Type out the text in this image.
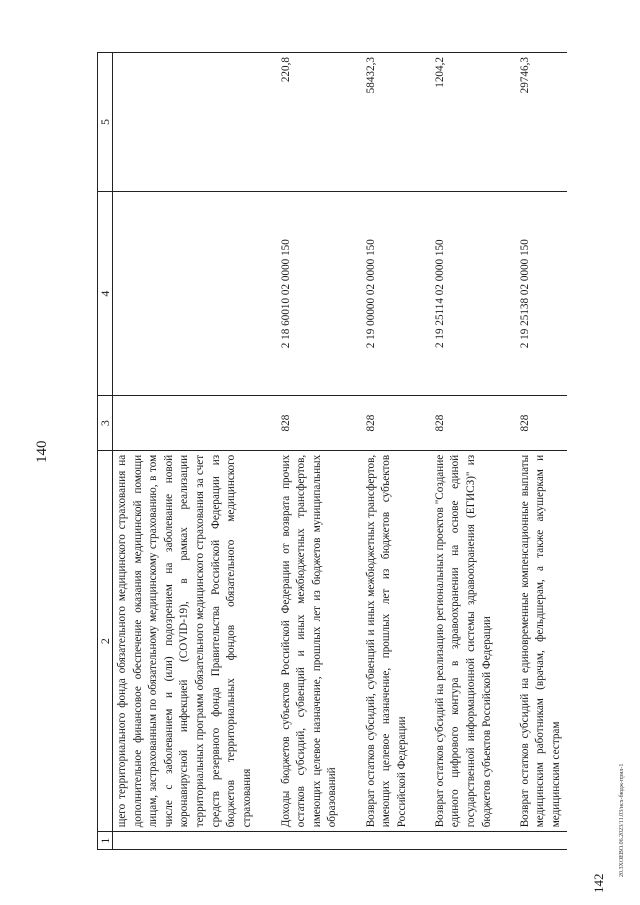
140
142
20.3XOEBO.06.2023/11.03/исх-бюдж-прил-1
1	2	3	4	5
	щего территориального фонда обязательного медицинского страхования на дополнительное финансовое обеспечение оказания медицинской помощи лицам, застрахованным по обязательному медицинскому страхованию, в том числе с заболеванием и (или) подозрением на заболевание новой коронавирусной инфекцией (COVID-19), в рамках реализации территориальных программ обязательного медицинского страхования за счет средств резервного фонда Правительства Российской Федерации из бюджетов территориальных фондов обязательного медицинского страхования			

	Доходы бюджетов субъектов Российской Федерации от возврата прочих остатков субсидий, субвенций и иных межбюджетных трансфертов, имеющих целевое назначение, прошлых лет из бюджетов муниципальных образований	828	2 18 60010 02 0000 150	220,8

	Возврат остатков субсидий, субвенций и иных межбюджетных трансфертов, имеющих целевое назначение, прошлых лет из бюджетов субъектов Российской Федерации	828	2 19 00000 02 0000 150	58432,3

	Возврат остатков субсидий на реализацию региональных проектов "Создание единого цифрового контура в здравоохранении на основе единой государственной информационной системы здравоохранения (ЕГИСЗ)" из бюджетов субъектов Российской Федерации	828	2 19 25114 02 0000 150	1204,2

	Возврат остатков субсидий на единовременные компенсационные выплаты медицинским работникам (врачам, фельдшерам, а также акушеркам и медицинским сестрам	828	2 19 25138 02 0000 150	29746,3
